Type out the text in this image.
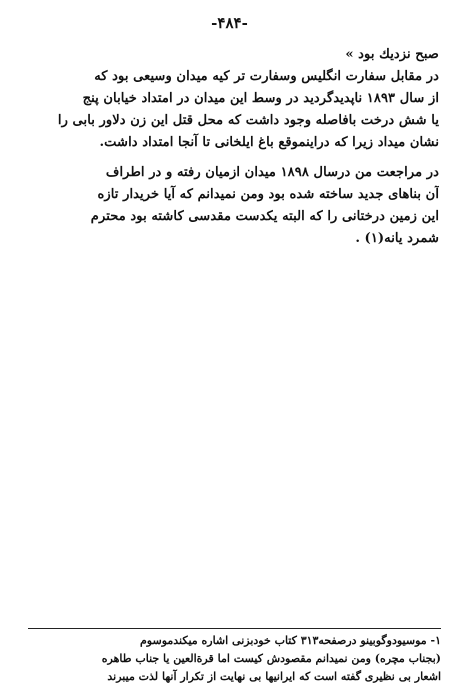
-۴۸۴-
صبح نزدیك بود »
در مقابل سفارت انگلیس وسفارت تر کیه میدان وسیعی بود که
از سال ۱۸۹۳ ناپدیدگردید در وسط این میدان در امتداد خیابان پنج
یا شش درخت بافاصله وجود داشت که محل قتل این زن دلاور بابی را
نشان میداد زیرا که دراینموقع باغ ایلخانی تا آنجا امتداد داشت.
در مراجعت من درسال ۱۸۹۸ میدان ازمیان رفته و در اطراف
آن بناهای جدید ساخته شده بود ومن نمیدانم که آیا خریدار تازه
این زمین درختانی را که البته یکدست مقدسی کاشته بود محترم
شمرد یانه(۱) .
۱- موسیودوگوبینو درصفحه۳۱۳ کتاب خودبزنی اشاره میکندموسوم
(بجناب مچره) ومن نمیدانم مقصودش کیست اما قرةالعین یا جناب طاهره
اشعار بی نظیری گفته است که ایرانیها بی نهایت از تکرار آنها لذت میبرند
